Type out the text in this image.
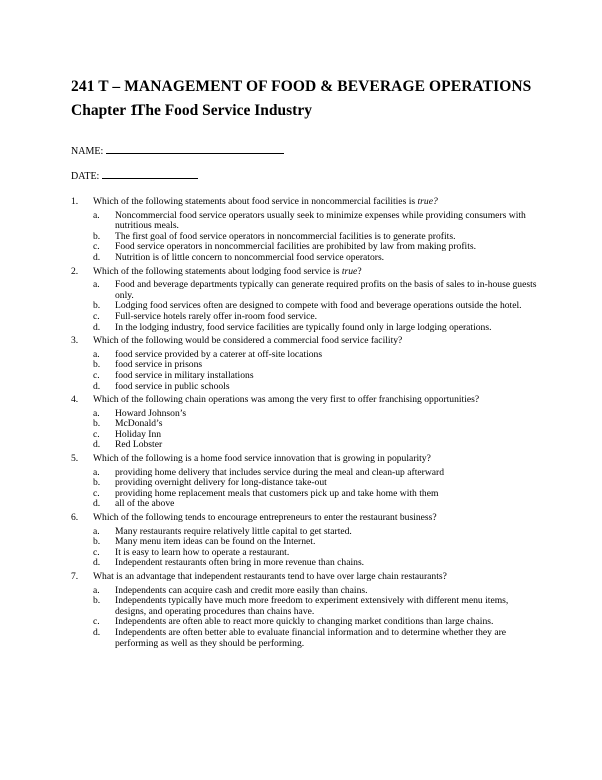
241 T – MANAGEMENT OF FOOD & BEVERAGE OPERATIONS
Chapter 1The Food Service Industry
NAME:
DATE:
1.	Which of the following statements about food service in noncommercial facilities is true?
a.	Noncommercial food service operators usually seek to minimize expenses while providing consumers with nutritious meals.
b.	The first goal of food service operators in noncommercial facilities is to generate profits.
c.	Food service operators in noncommercial facilities are prohibited by law from making profits.
d.	Nutrition is of little concern to noncommercial food service operators.
2.	Which of the following statements about lodging food service is true?
a.	Food and beverage departments typically can generate required profits on the basis of sales to in-house guests only.
b.	Lodging food services often are designed to compete with food and beverage operations outside the hotel.
c.	Full-service hotels rarely offer in-room food service.
d.	In the lodging industry, food service facilities are typically found only in large lodging operations.
3.	Which of the following would be considered a commercial food service facility?
a.	food service provided by a caterer at off-site locations
b.	food service in prisons
c.	food service in military installations
d.	food service in public schools
4.	Which of the following chain operations was among the very first to offer franchising opportunities?
a.	Howard Johnson’s
b.	McDonald’s
c.	Holiday Inn
d.	Red Lobster
5.	Which of the following is a home food service innovation that is growing in popularity?
a.	providing home delivery that includes service during the meal and clean-up afterward
b.	providing overnight delivery for long-distance take-out
c.	providing home replacement meals that customers pick up and take home with them
d.	all of the above
6.	Which of the following tends to encourage entrepreneurs to enter the restaurant business?
a.	Many restaurants require relatively little capital to get started.
b.	Many menu item ideas can be found on the Internet.
c.	It is easy to learn how to operate a restaurant.
d.	Independent restaurants often bring in more revenue than chains.
7.	What is an advantage that independent restaurants tend to have over large chain restaurants?
a.	Independents can acquire cash and credit more easily than chains.
b.	Independents typically have much more freedom to experiment extensively with different menu items, designs, and operating procedures than chains have.
c.	Independents are often able to react more quickly to changing market conditions than large chains.
d.	Independents are often better able to evaluate financial information and to determine whether they are performing as well as they should be performing.
